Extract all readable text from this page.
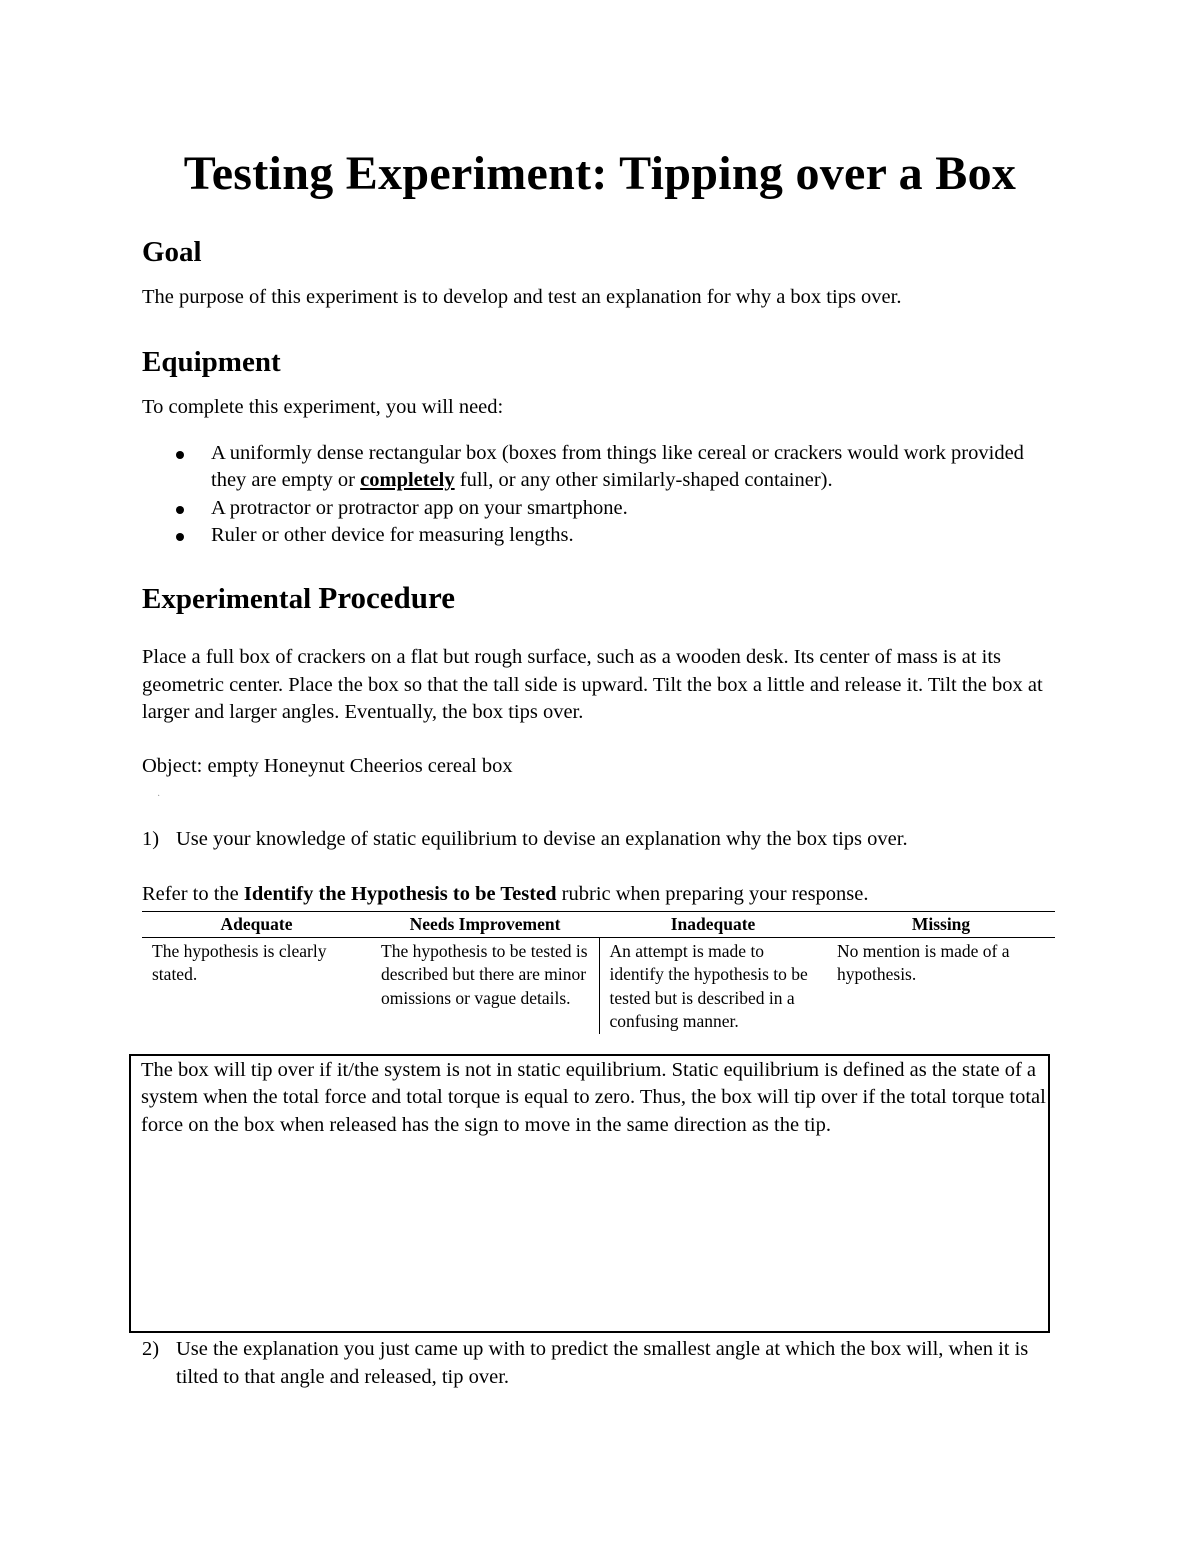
Testing Experiment: Tipping over a Box
Goal
The purpose of this experiment is to develop and test an explanation for why a box tips over.
Equipment
To complete this experiment, you will need:
A uniformly dense rectangular box (boxes from things like cereal or crackers would work provided they are empty or completely full, or any other similarly-shaped container).
A protractor or protractor app on your smartphone.
Ruler or other device for measuring lengths.
Experimental Procedure
Place a full box of crackers on a flat but rough surface, such as a wooden desk. Its center of mass is at its geometric center. Place the box so that the tall side is upward. Tilt the box a little and release it. Tilt the box at larger and larger angles. Eventually, the box tips over.
Object: empty Honeynut Cheerios cereal box
·
1) Use your knowledge of static equilibrium to devise an explanation why the box tips over.
Refer to the Identify the Hypothesis to be Tested rubric when preparing your response.
Adequate	Needs Improvement	Inadequate	Missing
The hypothesis is clearly stated.	The hypothesis to be tested is described but there are minor omissions or vague details.	An attempt is made to identify the hypothesis to be tested but is described in a confusing manner.	No mention is made of a hypothesis.
The box will tip over if it/the system is not in static equilibrium. Static equilibrium is defined as the state of a system when the total force and total torque is equal to zero. Thus, the box will tip over if the total torque total force on the box when released has the sign to move in the same direction as the tip.
2) Use the explanation you just came up with to predict the smallest angle at which the box will, when it is tilted to that angle and released, tip over.
